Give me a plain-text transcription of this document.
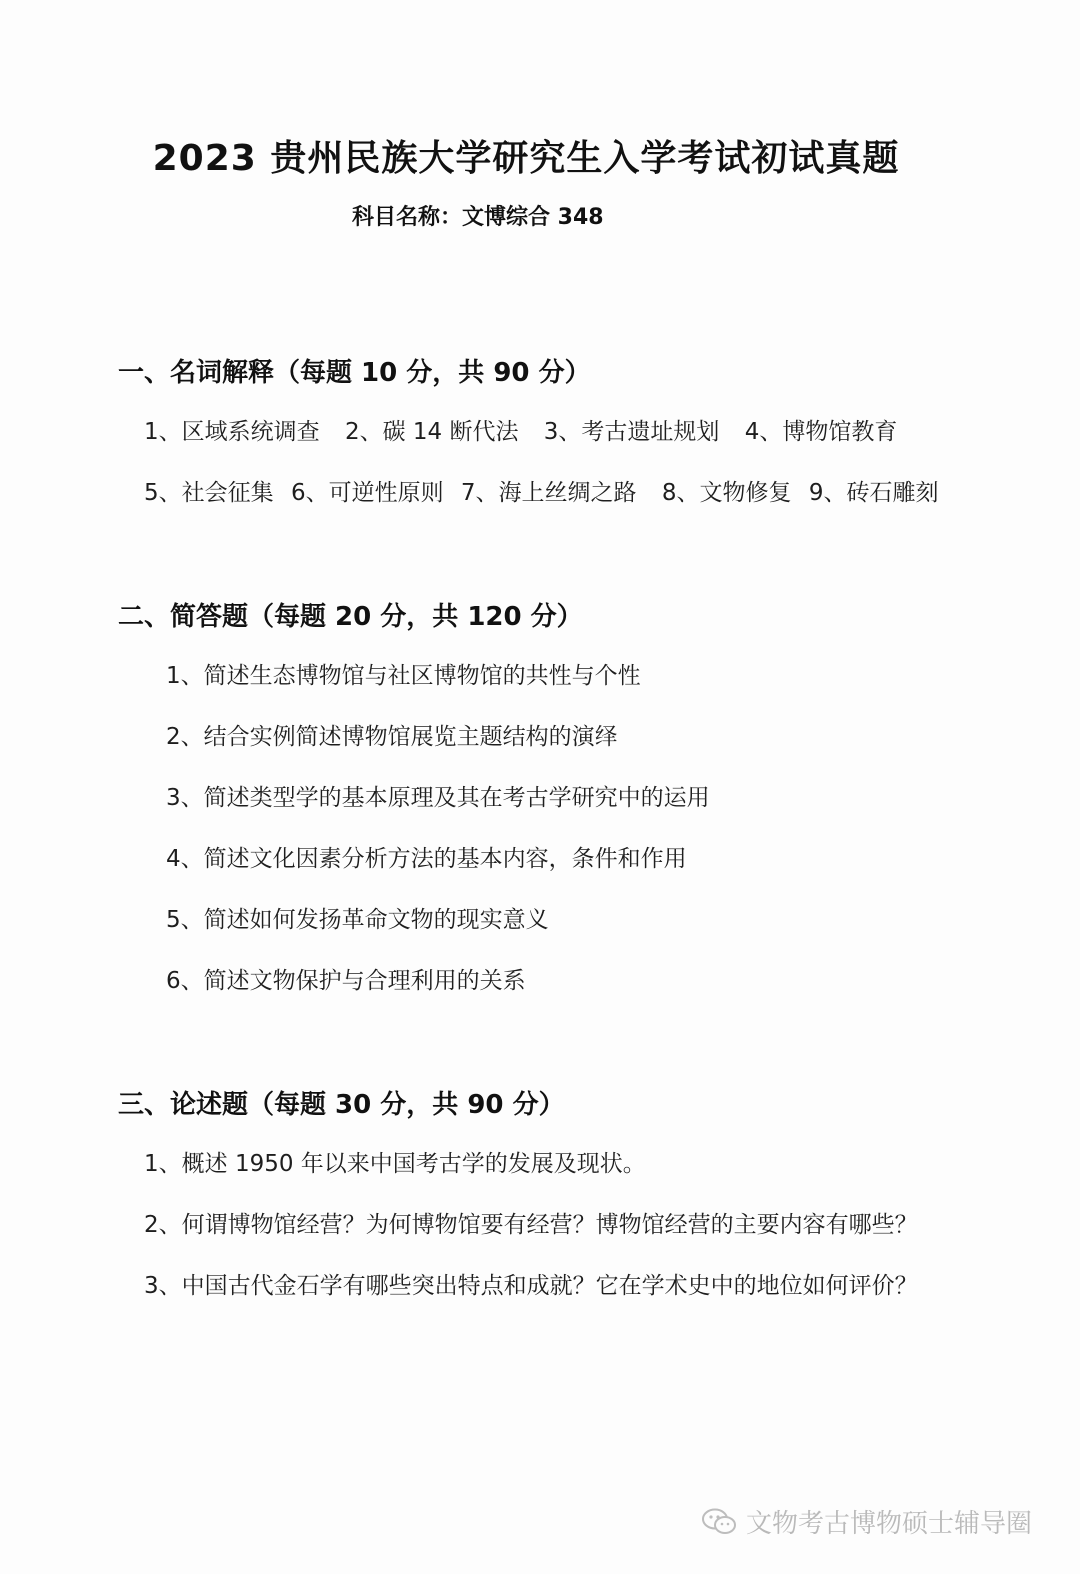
2023 贵州民族大学研究生入学考试初试真题
科目名称：文博综合 348
一、名词解释（每题 10 分，共 90 分）
1、区域系统调查 2、碳 14 断代法 3、考古遗址规划 4、博物馆教育
5、社会征集 6、可逆性原则 7、海上丝绸之路 8、文物修复 9、砖石雕刻
二、简答题（每题 20 分，共 120 分）
1、简述生态博物馆与社区博物馆的共性与个性
2、结合实例简述博物馆展览主题结构的演绎
3、简述类型学的基本原理及其在考古学研究中的运用
4、简述文化因素分析方法的基本内容，条件和作用
5、简述如何发扬革命文物的现实意义
6、简述文物保护与合理利用的关系
三、论述题（每题 30 分，共 90 分）
1、概述 1950 年以来中国考古学的发展及现状。
2、何谓博物馆经营？为何博物馆要有经营？博物馆经营的主要内容有哪些？
3、中国古代金石学有哪些突出特点和成就？它在学术史中的地位如何评价？
文物考古博物硕士辅导圈
